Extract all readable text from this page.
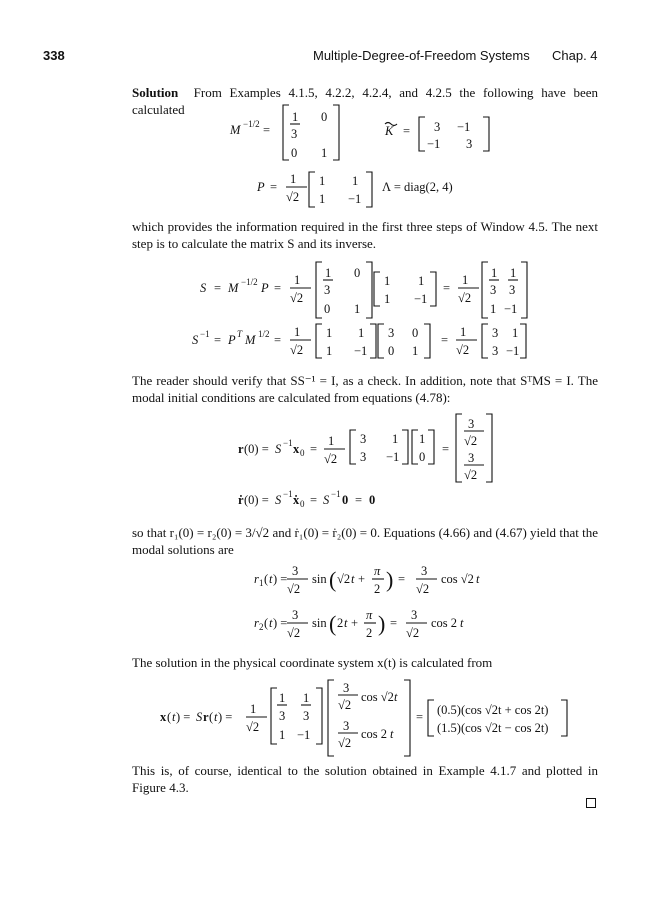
338	Multiple-Degree-of-Freedom Systems Chap. 4
Solution From Examples 4.1.5, 4.2.2, 4.2.4, and 4.2.5 the following have been calculated
which provides the information required in the first three steps of Window 4.5. The next step is to calculate the matrix S and its inverse.
The reader should verify that SS⁻¹ = I, as a check. In addition, note that SᵀMS = I. The modal initial conditions are calculated from equations (4.78):
so that r₁(0) = r₂(0) = 3/√2 and ṙ₁(0) = ṙ₂(0) = 0. Equations (4.66) and (4.67) yield that the modal solutions are
The solution in the physical coordinate system x(t) is calculated from
This is, of course, identical to the solution obtained in Example 4.1.7 and plotted in Figure 4.3.
M −1/2 =
1
3
0
0
1
K = 3 −1
−1 3
P =
1
√2
1 1
1 −1
Λ = diag(2, 4)
S = M −1/2 P =
1
√2
1
3
0
0
1
1 1
1 −1
=
1
√2
1
3
1
1
3
−1
S −1 = P T M 1/2 =
1
√2
1 1
1 −1
3 0
0 1
=
1
√2
3 1
3 −1
r (0) = S −1 x 0 =
1
√2
3 1
3 −1
1
0
=
3
√2
3
√2
ṙ (0) = S −1 ẋ 0 = S −1 0 = 0
r 1 ( t ) =
3
√2
sin ( √2 t +
π
2 ) =
3
√2
cos √2 t
r 2 ( t ) =
3
√2
sin ( 2 t +
π
2 ) =
3
√2
cos 2 t
x ( t ) = S r ( t ) =
1
√2
1
3
1
1
3
−1
3
√2
cos √2 t
3
√2
cos 2 t
= (0.5)(cos √2t + cos 2t)
(1.5)(cos √2t − cos 2t)
